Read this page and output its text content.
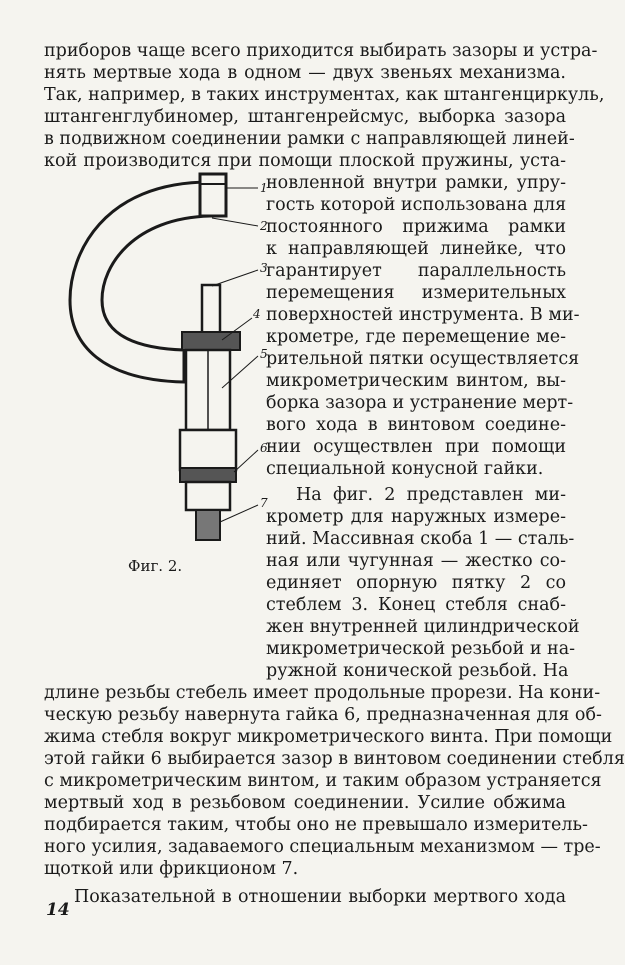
приборов чаще всего приходится выбирать зазоры и устра-
нять мертвые хода в одном — двух звеньях механизма.
Так, например, в таких инструментах, как штангенциркуль,
штангенглубиномер, штангенрейсмус, выборка зазора
в подвижном соединении рамки с направляющей линей-
кой производится при помощи плоской пружины, уста-
новленной внутри рамки, упру-
гость которой использована для
постоянного прижима рамки
к направляющей линейке, что
гарантирует параллельность
перемещения измерительных
поверхностей инструмента. В ми-
крометре, где перемещение ме-
рительной пятки осуществляется
микрометрическим винтом, вы-
борка зазора и устранение мерт-
вого хода в винтовом соедине-
нии осуществлен при помощи
специальной конусной гайки.
На фиг. 2 представлен ми-
крометр для наружных измере-
ний. Массивная скоба 1 — сталь-
ная или чугунная — жестко со-
единяет опорную пятку 2 со
стеблем 3. Конец стебля снаб-
жен внутренней цилиндрической
микрометрической резьбой и на-
ружной конической резьбой. На
длине резьбы стебель имеет продольные прорези. На кони-
ческую резьбу навернута гайка 6, предназначенная для об-
жима стебля вокруг микрометрического винта. При помощи
этой гайки 6 выбирается зазор в винтовом соединении стебля
с микрометрическим винтом, и таким образом устраняется
мертвый ход в резьбовом соединении. Усилие обжима
подбирается таким, чтобы оно не превышало измеритель-
ного усилия, задаваемого специальным механизмом — тре-
щоткой или фрикционом 7.
1
2
3
4
5
6
7
Фиг. 2.
Показательной в отношении выборки мертвого хода
14
